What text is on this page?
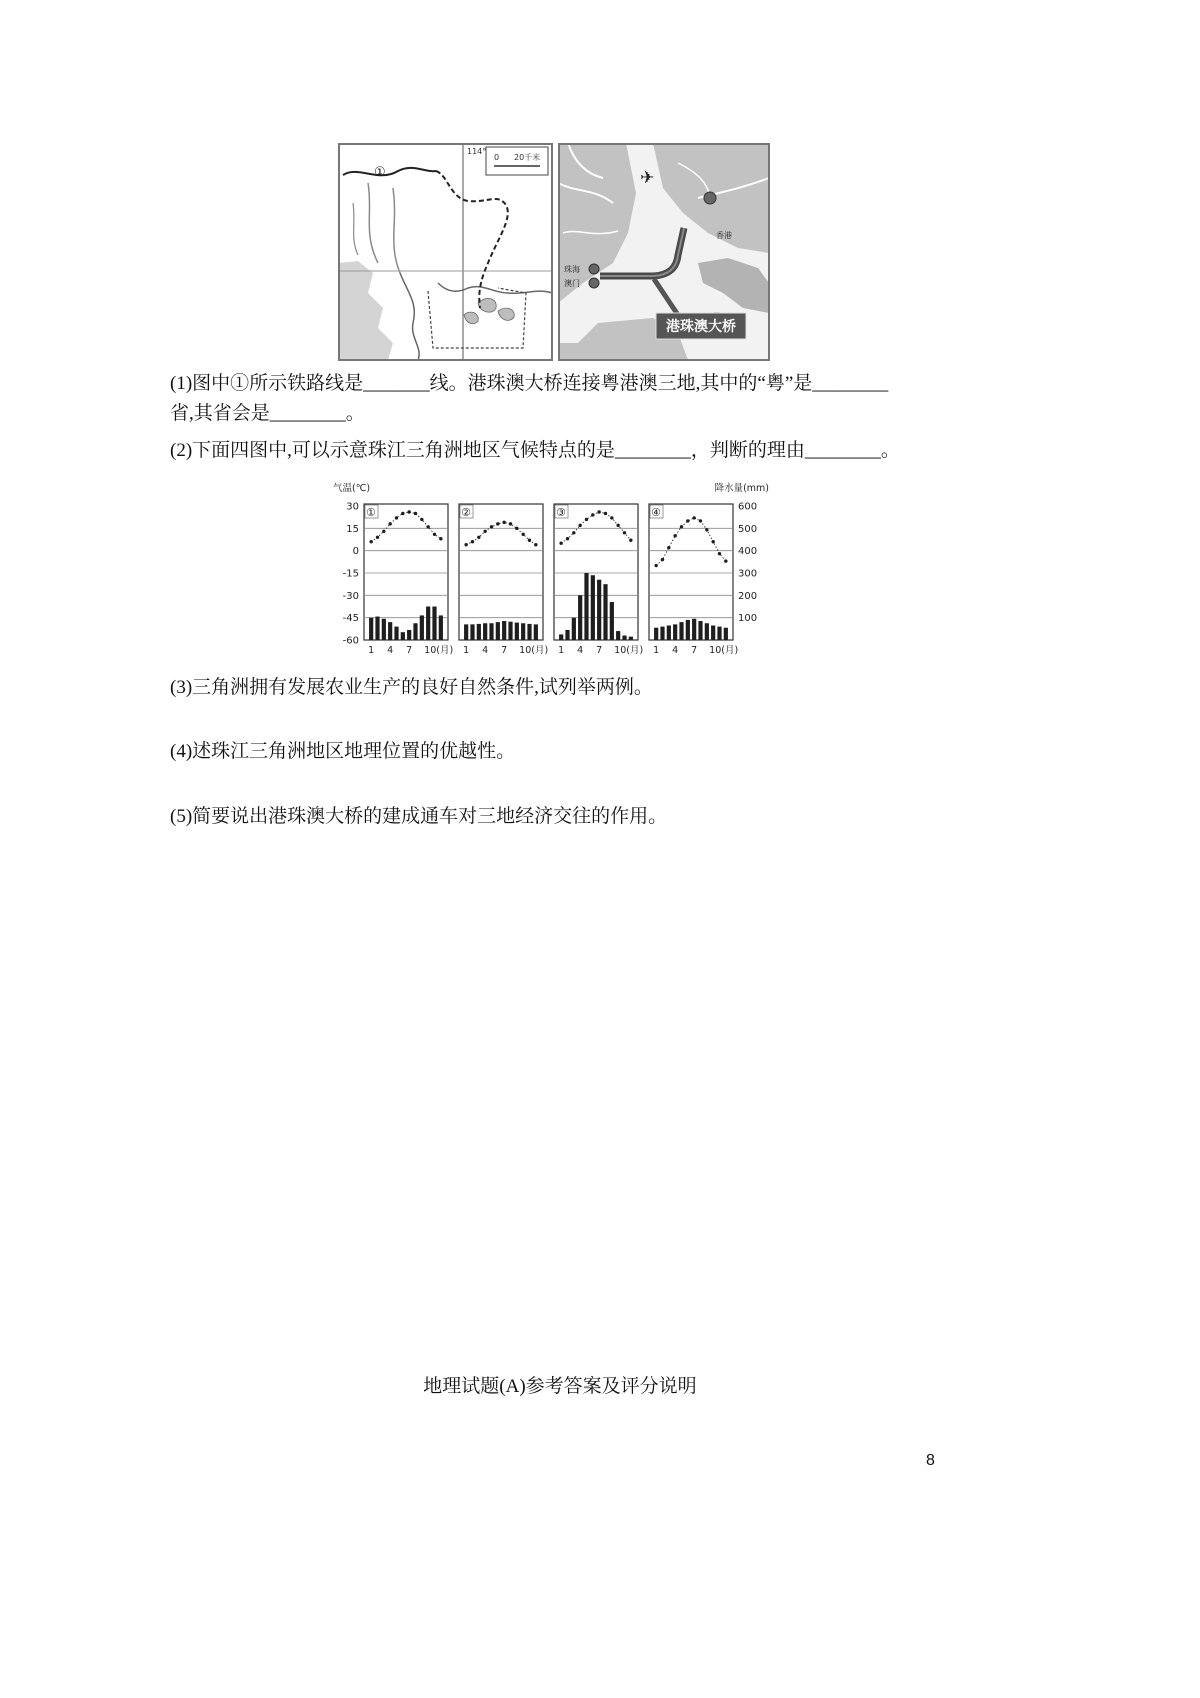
①
114°
0 20千米
✈
珠海
澳门
香港
港珠澳大桥
(1)图中①所示铁路线是_______线。港珠澳大桥连接粤港澳三地,其中的“粤”是________
省,其省会是________。
(2)下面四图中,可以示意珠江三角洲地区气候特点的是________，判断的理由________。
气温(℃)	降水量(mm)
30
15
0
-15
-30
-45
-60
600
500
400
300
200
100
①
1 4 7 10(月)
②
1 4 7 10(月)
③
1 4 7 10(月)
④
1 4 7 10(月)
(3)三角洲拥有发展农业生产的良好自然条件,试列举两例。
(4)述珠江三角洲地区地理位置的优越性。
(5)简要说出港珠澳大桥的建成通车对三地经济交往的作用。
地理试题(A)参考答案及评分说明
8
